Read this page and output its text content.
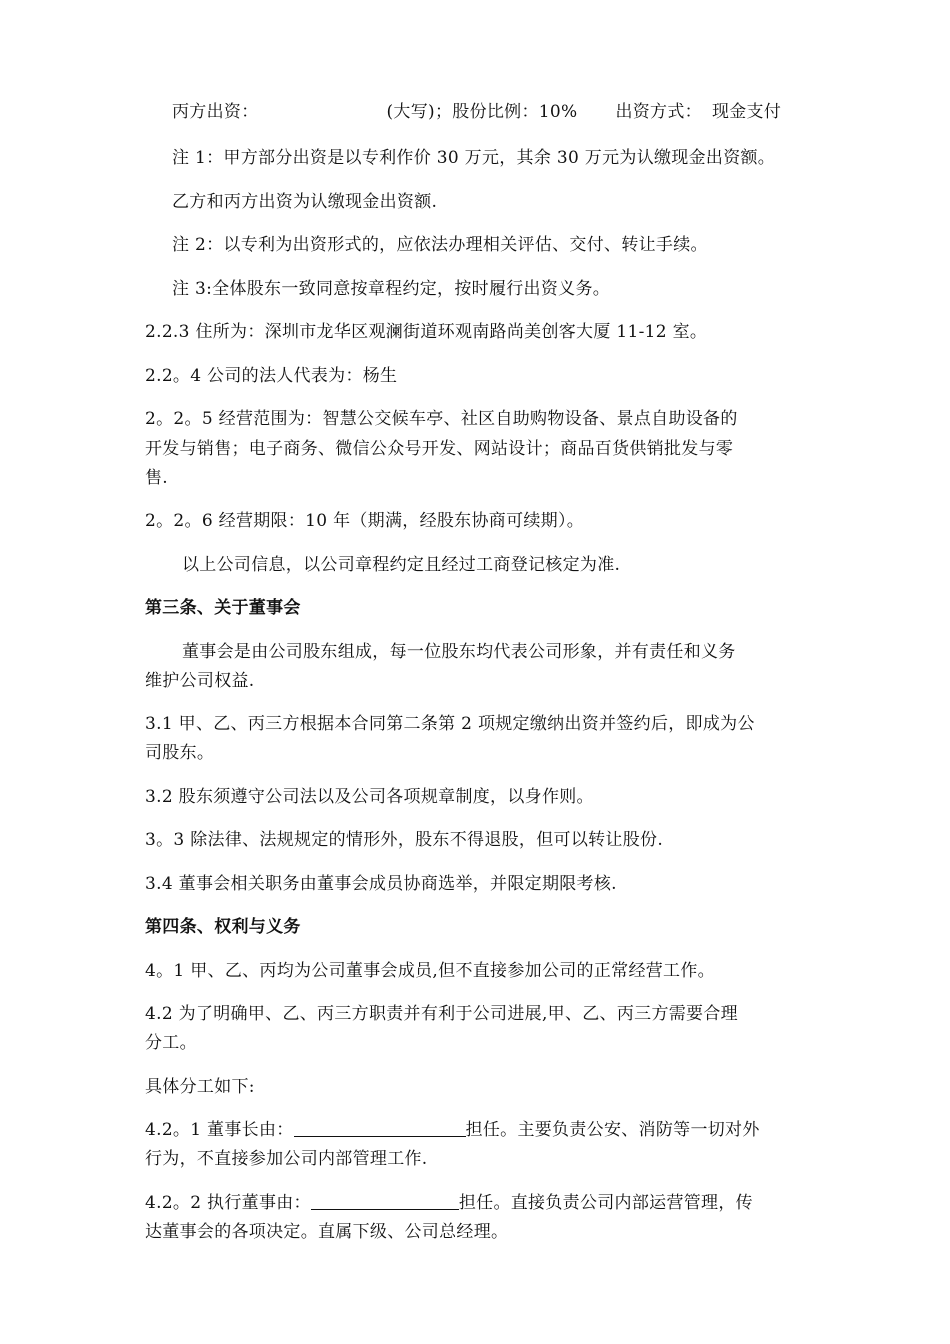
丙方出资：	(大写)；股份比例：10% 出资方式： 现金支付
注 1：甲方部分出资是以专利作价 30 万元，其余 30 万元为认缴现金出资额。
乙方和丙方出资为认缴现金出资额.
注 2：以专利为出资形式的，应依法办理相关评估、交付、转让手续。
注 3:全体股东一致同意按章程约定，按时履行出资义务。
2.2.3 住所为：深圳市龙华区观澜街道环观南路尚美创客大厦 11-12 室。
2.2。4 公司的法人代表为：杨生
2。2。5 经营范围为：智慧公交候车亭、社区自助购物设备、景点自助设备的
开发与销售；电子商务、微信公众号开发、网站设计；商品百货供销批发与零
售.
2。2。6 经营期限：10 年（期满，经股东协商可续期）。
以上公司信息，以公司章程约定且经过工商登记核定为准.
第三条、关于董事会
董事会是由公司股东组成，每一位股东均代表公司形象，并有责任和义务
维护公司权益.
3.1 甲、乙、丙三方根据本合同第二条第 2 项规定缴纳出资并签约后，即成为公
司股东。
3.2 股东须遵守公司法以及公司各项规章制度，以身作则。
3。3 除法律、法规规定的情形外，股东不得退股，但可以转让股份.
3.4 董事会相关职务由董事会成员协商选举，并限定期限考核.
第四条、权利与义务
4。1 甲、乙、丙均为公司董事会成员,但不直接参加公司的正常经营工作。
4.2 为了明确甲、乙、丙三方职责并有利于公司进展,甲、乙、丙三方需要合理
分工。
具体分工如下:
4.2。1 董事长由：	担任。主要负责公安、消防等一切对外
行为，不直接参加公司内部管理工作.
4.2。2 执行董事由：	担任。直接负责公司内部运营管理，传
达董事会的各项决定。直属下级、公司总经理。
